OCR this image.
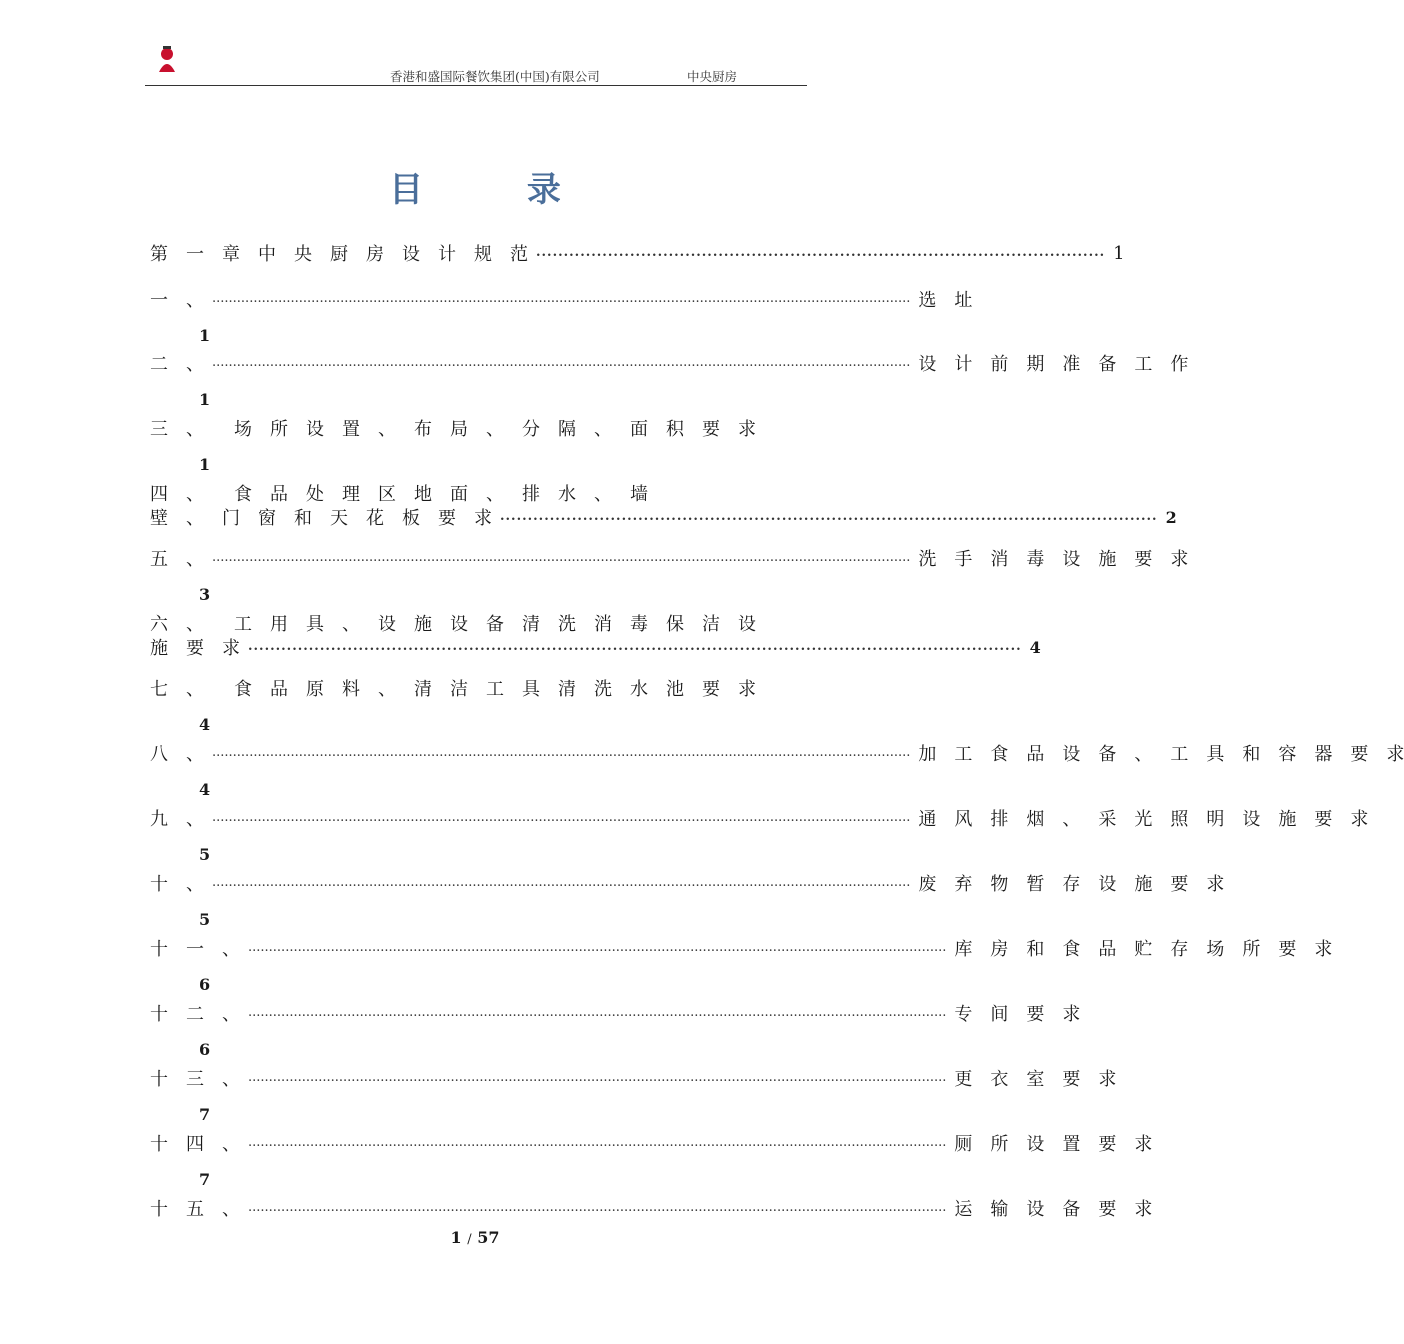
香港和盛国际餐饮集团(中国)有限公司	中央厨房
目 录
第 一 章 中 央 厨 房 设 计 规 范 ....................................................................................................... 1
一 、 ......................................................................................................................................................................... 选 址
1
二 、 ......................................................................................................................................................................... 设 计 前 期 准 备 工 作
1
三 、 场 所 设 置 、 布 局 、 分 隔 、 面 积 要 求
1
四 、 食 品 处 理 区 地 面 、 排 水 、 墙
壁 、 门 窗 和 天 花 板 要 求 ....................................................................................................................... 2
五 、 ......................................................................................................................................................................... 洗 手 消 毒 设 施 要 求
3
六 、 工 用 具 、 设 施 设 备 清 洗 消 毒 保 洁 设
施 要 求 ............................................................................................................................................ 4
七 、 食 品 原 料 、 清 洁 工 具 清 洗 水 池 要 求
4
八 、 ......................................................................................................................................................................... 加 工 食 品 设 备 、 工 具 和 容 器 要 求
4
九 、 ......................................................................................................................................................................... 通 风 排 烟 、 采 光 照 明 设 施 要 求
5
十 、 ......................................................................................................................................................................... 废 弃 物 暂 存 设 施 要 求
5
十 一 、 ......................................................................................................................................................................... 库 房 和 食 品 贮 存 场 所 要 求
6
十 二 、 ......................................................................................................................................................................... 专 间 要 求
6
十 三 、 ......................................................................................................................................................................... 更 衣 室 要 求
7
十 四 、 ......................................................................................................................................................................... 厕 所 设 置 要 求
7
十 五 、 ......................................................................................................................................................................... 运 输 设 备 要 求
1 / 57
